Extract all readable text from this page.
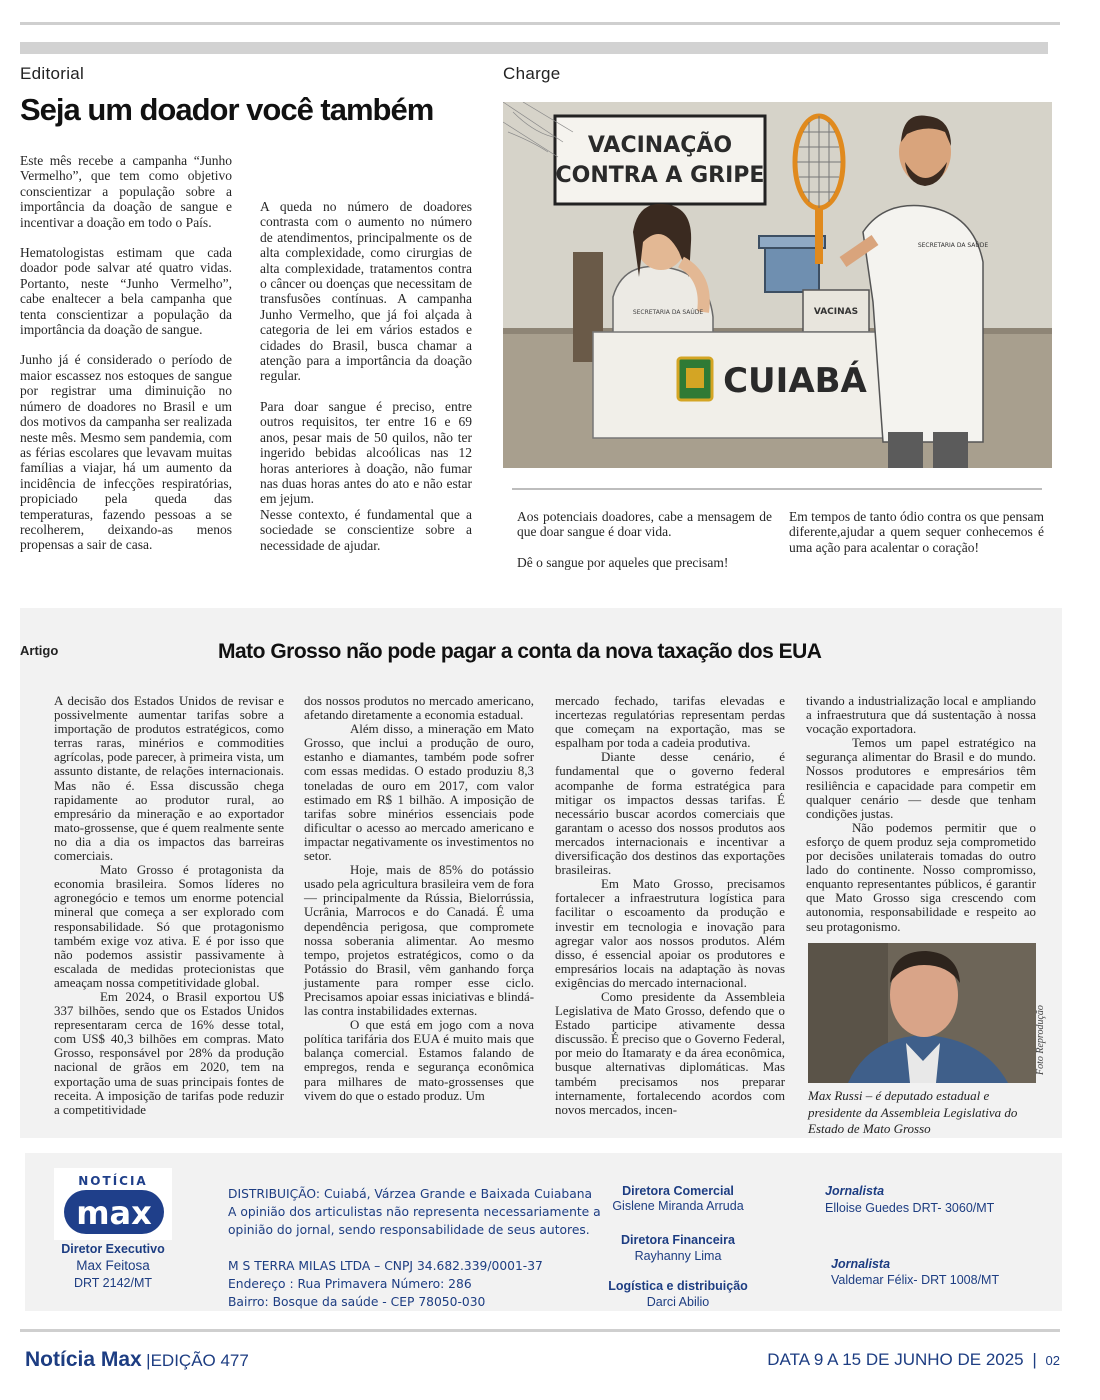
Editorial
Seja um doador você também

Este mês recebe a campanha “Junho Vermelho”, que tem como objetivo conscientizar a população sobre a importância da doação de sangue e incentivar a doação em todo o País.

Hematologistas estimam que cada doador pode salvar até quatro vidas. Portanto, neste “Junho Vermelho”, cabe enaltecer a bela campanha que tenta conscientizar a população da importância da doação de sangue.

Junho já é considerado o período de maior escassez nos estoques de sangue por registrar uma diminuição no número de doadores no Brasil e um dos motivos da campanha ser realizada neste mês. Mesmo sem pandemia, com as férias escolares que levavam muitas famílias a viajar, há um aumento da incidência de infecções respiratórias, propiciado pela queda das temperaturas, fazendo pessoas a se recolherem, deixando-as menos propensas a sair de casa.

A queda no número de doadores contrasta com o aumento no número de atendimentos, principalmente os de alta complexidade, como cirurgias de alta complexidade, tratamentos contra o câncer ou doenças que necessitam de transfusões contínuas. A campanha Junho Vermelho, que já foi alçada à categoria de lei em vários estados e cidades do Brasil, busca chamar a atenção para a importância da doação regular.

Para doar sangue é preciso, entre outros requisitos, ter entre 16 e 69 anos, pesar mais de 50 quilos, não ter ingerido bebidas alcoólicas nas 12 horas anteriores à doação, não fumar nas duas horas antes do ato e não estar em jejum.

Nesse contexto, é fundamental que a sociedade se conscientize sobre a necessidade de ajudar.

Charge
VACINAÇÃO
CONTRA A GRIPE
SECRETARIA DA SAÚDE	VACINAS
CUIABÁ
SECRETARIA DA SAÚDE

Aos potenciais doadores, cabe a mensagem de que doar sangue é doar vida.

Dê o sangue por aqueles que precisam!

Em tempos de tanto ódio contra os que pensam diferente,ajudar a quem sequer conhecemos é uma ação para acalentar o coração!

Artigo	Mato Grosso não pode pagar a conta da nova taxação dos EUA

A decisão dos Estados Unidos de revisar e possivelmente aumentar tarifas sobre a importação de produtos estratégicos, como terras raras, minérios e commodities agrícolas, pode parecer, à primeira vista, um assunto distante, de relações internacionais. Mas não é. Essa discussão chega rapidamente ao produtor rural, ao empresário da mineração e ao exportador mato-grossense, que é quem realmente sente no dia a dia os impactos das barreiras comerciais.

Mato Grosso é protagonista da economia brasileira. Somos líderes no agronegócio e temos um enorme potencial mineral que começa a ser explorado com responsabilidade. Só que protagonismo também exige voz ativa. E é por isso que não podemos assistir passivamente à escalada de medidas protecionistas que ameaçam nossa competitividade global.

Em 2024, o Brasil exportou U$ 337 bilhões, sendo que os Estados Unidos representaram cerca de 16% desse total, com US$ 40,3 bilhões em compras. Mato Grosso, responsável por 28% da produção nacional de grãos em 2020, tem na exportação uma de suas principais fontes de receita. A imposição de tarifas pode reduzir a competitividade

dos nossos produtos no mercado americano, afetando diretamente a economia estadual.

Além disso, a mineração em Mato Grosso, que inclui a produção de ouro, estanho e diamantes, também pode sofrer com essas medidas. O estado produziu 8,3 toneladas de ouro em 2017, com valor estimado em R$ 1 bilhão. A imposição de tarifas sobre minérios essenciais pode dificultar o acesso ao mercado americano e impactar negativamente os investimentos no setor.

Hoje, mais de 85% do potássio usado pela agricultura brasileira vem de fora — principalmente da Rússia, Bielorrússia, Ucrânia, Marrocos e do Canadá. É uma dependência perigosa, que compromete nossa soberania alimentar. Ao mesmo tempo, projetos estratégicos, como o da Potássio do Brasil, vêm ganhando força justamente para romper esse ciclo. Precisamos apoiar essas iniciativas e blindá-las contra instabilidades externas.

O que está em jogo com a nova política tarifária dos EUA é muito mais que balança comercial. Estamos falando de empregos, renda e segurança econômica para milhares de mato-grossenses que vivem do que o estado produz. Um

mercado fechado, tarifas elevadas e incertezas regulatórias representam perdas que começam na exportação, mas se espalham por toda a cadeia produtiva.

Diante desse cenário, é fundamental que o governo federal acompanhe de forma estratégica para mitigar os impactos dessas tarifas. É necessário buscar acordos comerciais que garantam o acesso dos nossos produtos aos mercados internacionais e incentivar a diversificação dos destinos das exportações brasileiras.

Em Mato Grosso, precisamos fortalecer a infraestrutura logística para facilitar o escoamento da produção e investir em tecnologia e inovação para agregar valor aos nossos produtos. Além disso, é essencial apoiar os produtores e empresários locais na adaptação às novas exigências do mercado internacional.

Como presidente da Assembleia Legislativa de Mato Grosso, defendo que o Estado participe ativamente dessa discussão. É preciso que o Governo Federal, por meio do Itamaraty e da área econômica, busque alternativas diplomáticas. Mas também precisamos nos preparar internamente, fortalecendo acordos com novos mercados, incen-

tivando a industrialização local e ampliando a infraestrutura que dá sustentação à nossa vocação exportadora.

Temos um papel estratégico na segurança alimentar do Brasil e do mundo. Nossos produtores e empresários têm resiliência e capacidade para competir em qualquer cenário — desde que tenham condições justas.

Não podemos permitir que o esforço de quem produz seja comprometido por decisões unilaterais tomadas do outro lado do continente. Nosso compromisso, enquanto representantes públicos, é garantir que Mato Grosso siga crescendo com autonomia, responsabilidade e respeito ao seu protagonismo.

Foto Reprodução
Max Russi – é deputado estadual e presidente da Assembleia Legislativa do Estado de Mato Grosso
NOTÍCIA
max
Diretor Executivo
Max Feitosa
DRT 2142/MT
DISTRIBUIÇÃO: Cuiabá, Várzea Grande e Baixada Cuiabana
A opinião dos articulistas não representa necessariamente a
opinião do jornal, sendo responsabilidade de seus autores.
M S TERRA MILAS LTDA – CNPJ 34.682.339/0001-37
Endereço : Rua Primavera Número: 286
Bairro: Bosque da saúde - CEP 78050-030
Diretora Comercial
Gislene Miranda Arruda
Diretora Financeira
Rayhanny Lima
Logística e distribuição
Darci Abilio
Jornalista
Elloise Guedes DRT- 3060/MT
Jornalista
Valdemar Félix- DRT 1008/MT
Notícia Max |EDIÇÃO 477	DATA 9 A 15 DE JUNHO DE 2025 | 02
